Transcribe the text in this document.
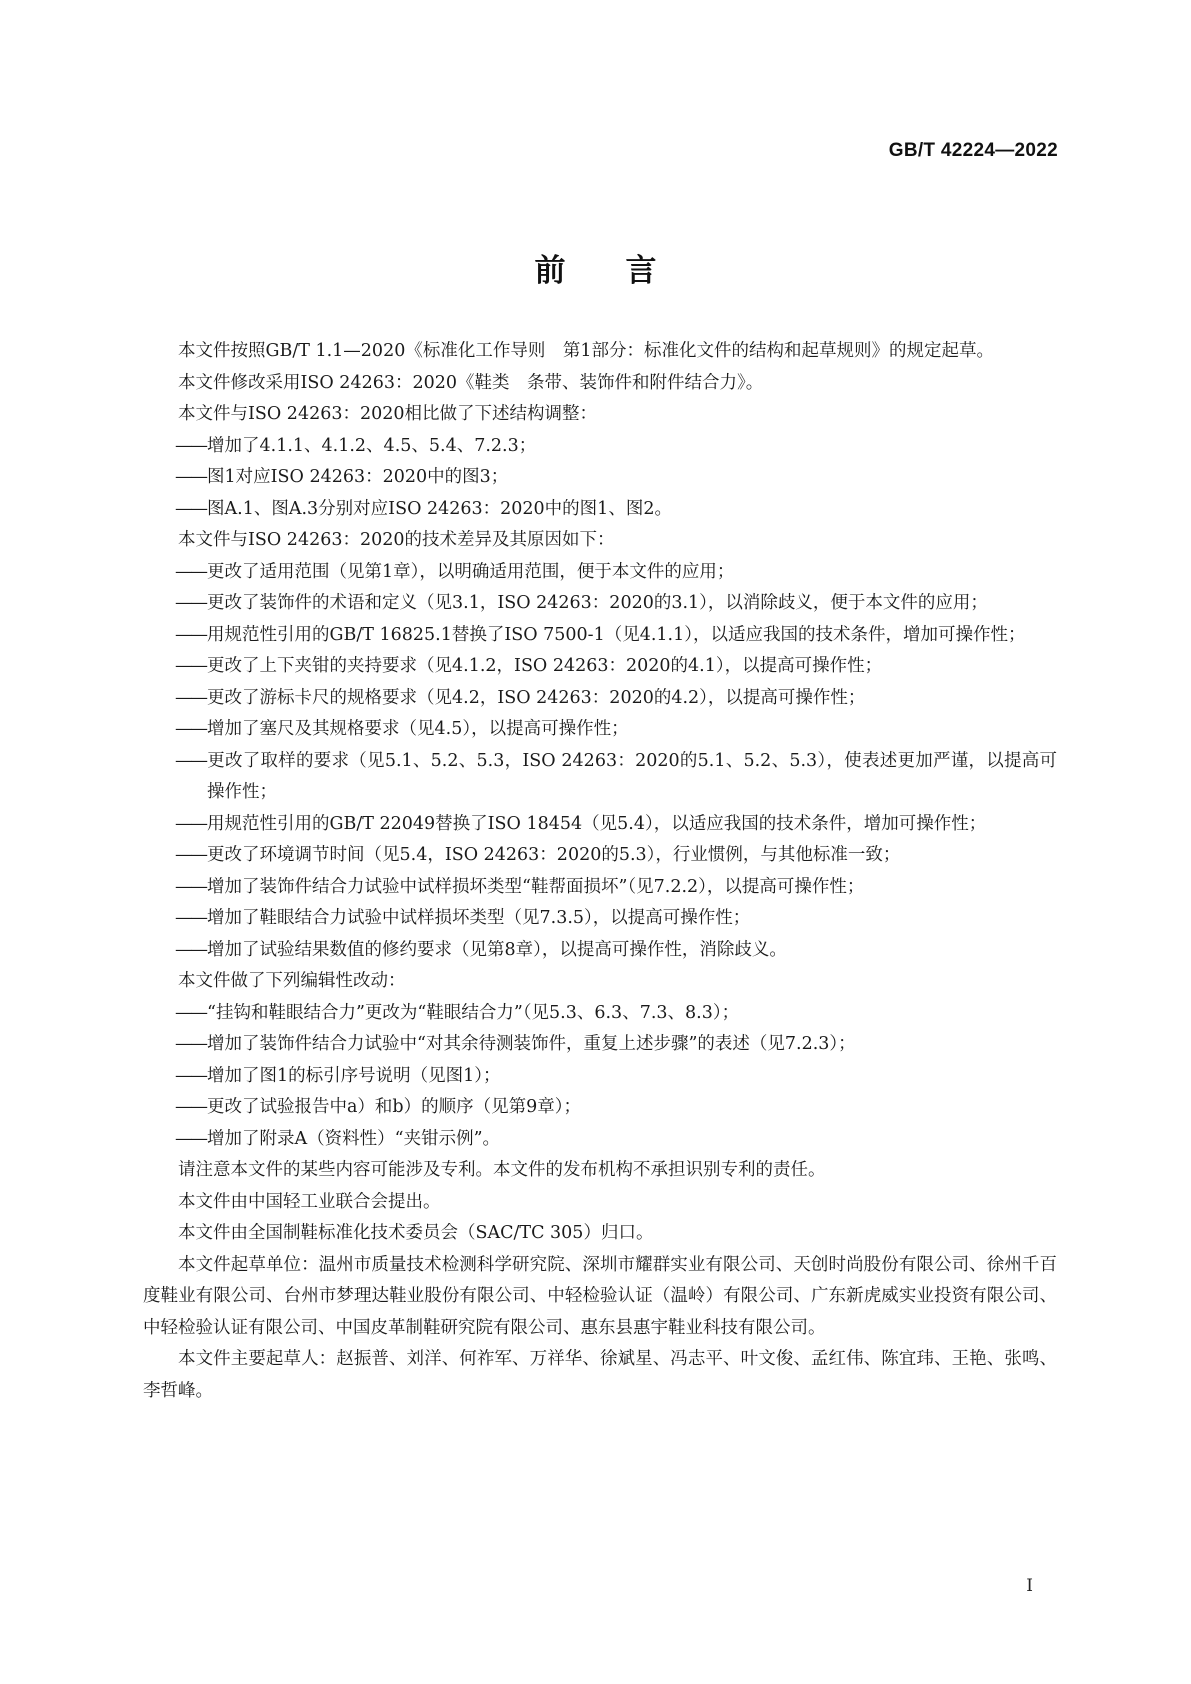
GB/T 42224—2022
前言

本文件按照GB/T 1.1—2020《标准化工作导则　第1部分：标准化文件的结构和起草规则》的规定起草。

本文件修改采用ISO 24263：2020《鞋类　条带、装饰件和附件结合力》。

本文件与ISO 24263：2020相比做了下述结构调整：

——增加了4.1.1、4.1.2、4.5、5.4、7.2.3；

——图1对应ISO 24263：2020中的图3；

——图A.1、图A.3分别对应ISO 24263：2020中的图1、图2。

本文件与ISO 24263：2020的技术差异及其原因如下：

——更改了适用范围（见第1章），以明确适用范围，便于本文件的应用；

——更改了装饰件的术语和定义（见3.1，ISO 24263：2020的3.1），以消除歧义，便于本文件的应用；

——用规范性引用的GB/T 16825.1替换了ISO 7500-1（见4.1.1），以适应我国的技术条件，增加可操作性；

——更改了上下夹钳的夹持要求（见4.1.2，ISO 24263：2020的4.1），以提高可操作性；

——更改了游标卡尺的规格要求（见4.2，ISO 24263：2020的4.2），以提高可操作性；

——增加了塞尺及其规格要求（见4.5），以提高可操作性；

——更改了取样的要求（见5.1、5.2、5.3，ISO 24263：2020的5.1、5.2、5.3），使表述更加严谨，以提高可操作性；

——用规范性引用的GB/T 22049替换了ISO 18454（见5.4），以适应我国的技术条件，增加可操作性；

——更改了环境调节时间（见5.4，ISO 24263：2020的5.3），行业惯例，与其他标准一致；

——增加了装饰件结合力试验中试样损坏类型“鞋帮面损坏”（见7.2.2），以提高可操作性；

——增加了鞋眼结合力试验中试样损坏类型（见7.3.5），以提高可操作性；

——增加了试验结果数值的修约要求（见第8章），以提高可操作性，消除歧义。

本文件做了下列编辑性改动：

——“挂钩和鞋眼结合力”更改为“鞋眼结合力”（见5.3、6.3、7.3、8.3）；

——增加了装饰件结合力试验中“对其余待测装饰件，重复上述步骤”的表述（见7.2.3）；

——增加了图1的标引序号说明（见图1）；

——更改了试验报告中a）和b）的顺序（见第9章）；

——增加了附录A（资料性）“夹钳示例”。

请注意本文件的某些内容可能涉及专利。本文件的发布机构不承担识别专利的责任。

本文件由中国轻工业联合会提出。

本文件由全国制鞋标准化技术委员会（SAC/TC 305）归口。

本文件起草单位：温州市质量技术检测科学研究院、深圳市耀群实业有限公司、天创时尚股份有限公司、徐州千百度鞋业有限公司、台州市梦理达鞋业股份有限公司、中轻检验认证（温岭）有限公司、广东新虎威实业投资有限公司、中轻检验认证有限公司、中国皮革制鞋研究院有限公司、惠东县惠宇鞋业科技有限公司。

本文件主要起草人：赵振普、刘洋、何祚军、万祥华、徐斌星、冯志平、叶文俊、孟红伟、陈宜玮、王艳、张鸣、李哲峰。

I
